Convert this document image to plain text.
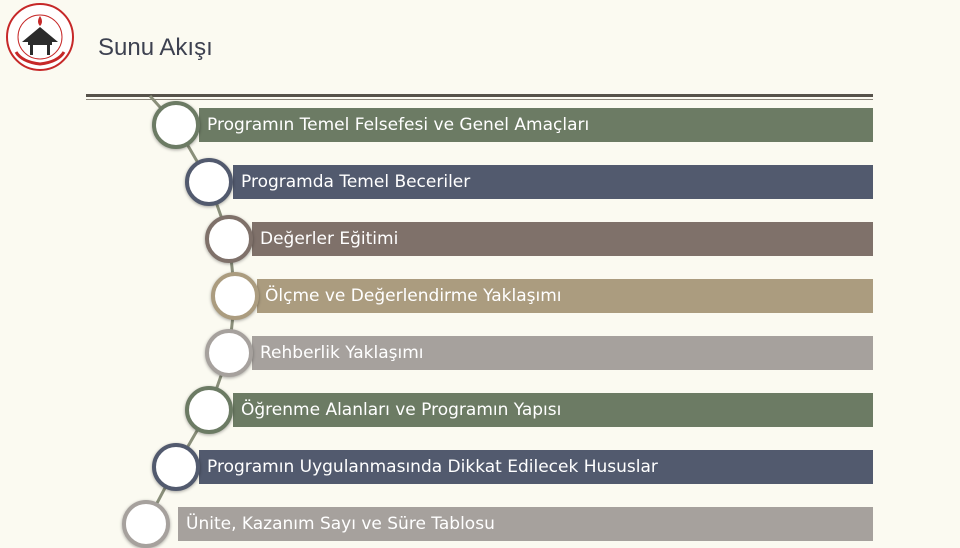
Sunu Akışı
Programın Temel Felsefesi ve Genel Amaçları
Programda Temel Beceriler
Değerler Eğitimi
Ölçme ve Değerlendirme Yaklaşımı
Rehberlik Yaklaşımı
Öğrenme Alanları ve Programın Yapısı
Programın Uygulanmasında Dikkat Edilecek Hususlar
Ünite, Kazanım Sayı ve Süre Tablosu
